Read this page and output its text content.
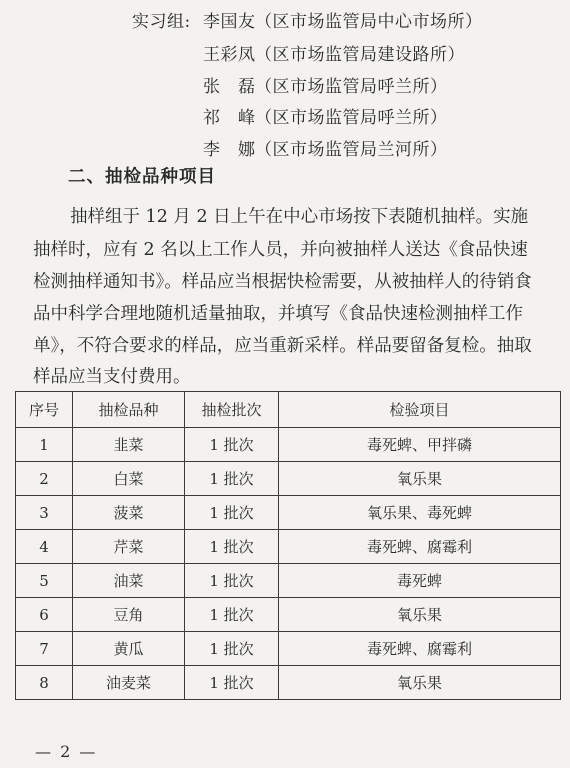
实习组: 李国友 （区市场监管局中心市场所）
王彩凤 （区市场监管局建设路所）
张　磊 （区市场监管局呼兰所）
祁　峰 （区市场监管局呼兰所）
李　娜 （区市场监管局兰河所）
二、抽检品种项目
抽样组于 12 月 2 日上午在中心市场按下表随机抽样。实施
抽样时，应有 2 名以上工作人员，并向被抽样人送达《食品快速
检测抽样通知书》。样品应当根据快检需要，从被抽样人的待销食
品中科学合理地随机适量抽取，并填写《食品快速检测抽样工作
单》，不符合要求的样品，应当重新采样。样品要留备复检。抽取
样品应当支付费用。
序号	抽检品种	抽检批次	检验项目
1	韭菜	1 批次	毒死蜱、甲拌磷
2	白菜	1 批次	氧乐果
3	菠菜	1 批次	氧乐果、毒死蜱
4	芹菜	1 批次	毒死蜱、腐霉利
5	油菜	1 批次	毒死蜱
6	豆角	1 批次	氧乐果
7	黄瓜	1 批次	毒死蜱、腐霉利
8	油麦菜	1 批次	氧乐果
— 2 —
